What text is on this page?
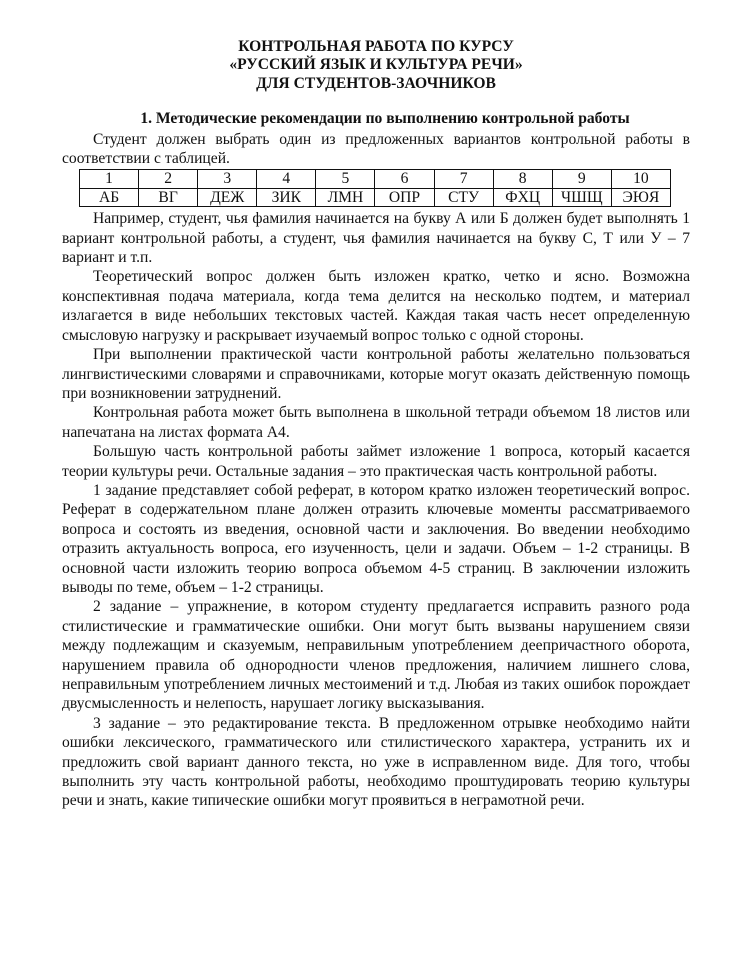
КОНТРОЛЬНАЯ РАБОТА ПО КУРСУ
«РУССКИЙ ЯЗЫК И КУЛЬТУРА РЕЧИ»
ДЛЯ СТУДЕНТОВ-ЗАОЧНИКОВ
1. Методические рекомендации по выполнению контрольной работы

Студент должен выбрать один из предложенных вариантов контрольной работы в соответствии с таблицей.

1	2	3	4	5	6	7	8	9	10
АБ	ВГ	ДЕЖ	ЗИК	ЛМН	ОПР	СТУ	ФХЦ	ЧШЩ	ЭЮЯ

Например, студент, чья фамилия начинается на букву А или Б должен будет выполнять 1 вариант контрольной работы, а студент, чья фамилия начинается на букву С, Т или У – 7 вариант и т.п.

Теоретический вопрос должен быть изложен кратко, четко и ясно. Возможна конспективная подача материала, когда тема делится на несколько подтем, и материал излагается в виде небольших текстовых частей. Каждая такая часть несет определенную смысловую нагрузку и раскрывает изучаемый вопрос только с одной стороны.

При выполнении практической части контрольной работы желательно пользоваться лингвистическими словарями и справочниками, которые могут оказать действенную помощь при возникновении затруднений.

Контрольная работа может быть выполнена в школьной тетради объемом 18 листов или напечатана на листах формата А4.

Большую часть контрольной работы займет изложение 1 вопроса, который касается теории культуры речи. Остальные задания – это практическая часть контрольной работы.

1 задание представляет собой реферат, в котором кратко изложен теоретический вопрос. Реферат в содержательном плане должен отразить ключевые моменты рассматриваемого вопроса и состоять из введения, основной части и заключения. Во введении необходимо отразить актуальность вопроса, его изученность, цели и задачи. Объем – 1-2 страницы. В основной части изложить теорию вопроса объемом 4-5 страниц. В заключении изложить выводы по теме, объем – 1-2 страницы.

2 задание – упражнение, в котором студенту предлагается исправить разного рода стилистические и грамматические ошибки. Они могут быть вызваны нарушением связи между подлежащим и сказуемым, неправильным употреблением деепричастного оборота, нарушением правила об однородности членов предложения, наличием лишнего слова, неправильным употреблением личных местоимений и т.д. Любая из таких ошибок порождает двусмысленность и нелепость, нарушает логику высказывания.

3 задание – это редактирование текста. В предложенном отрывке необходимо найти ошибки лексического, грамматического или стилистического характера, устранить их и предложить свой вариант данного текста, но уже в исправленном виде. Для того, чтобы выполнить эту часть контрольной работы, необходимо проштудировать теорию культуры речи и знать, какие типические ошибки могут проявиться в неграмотной речи.
